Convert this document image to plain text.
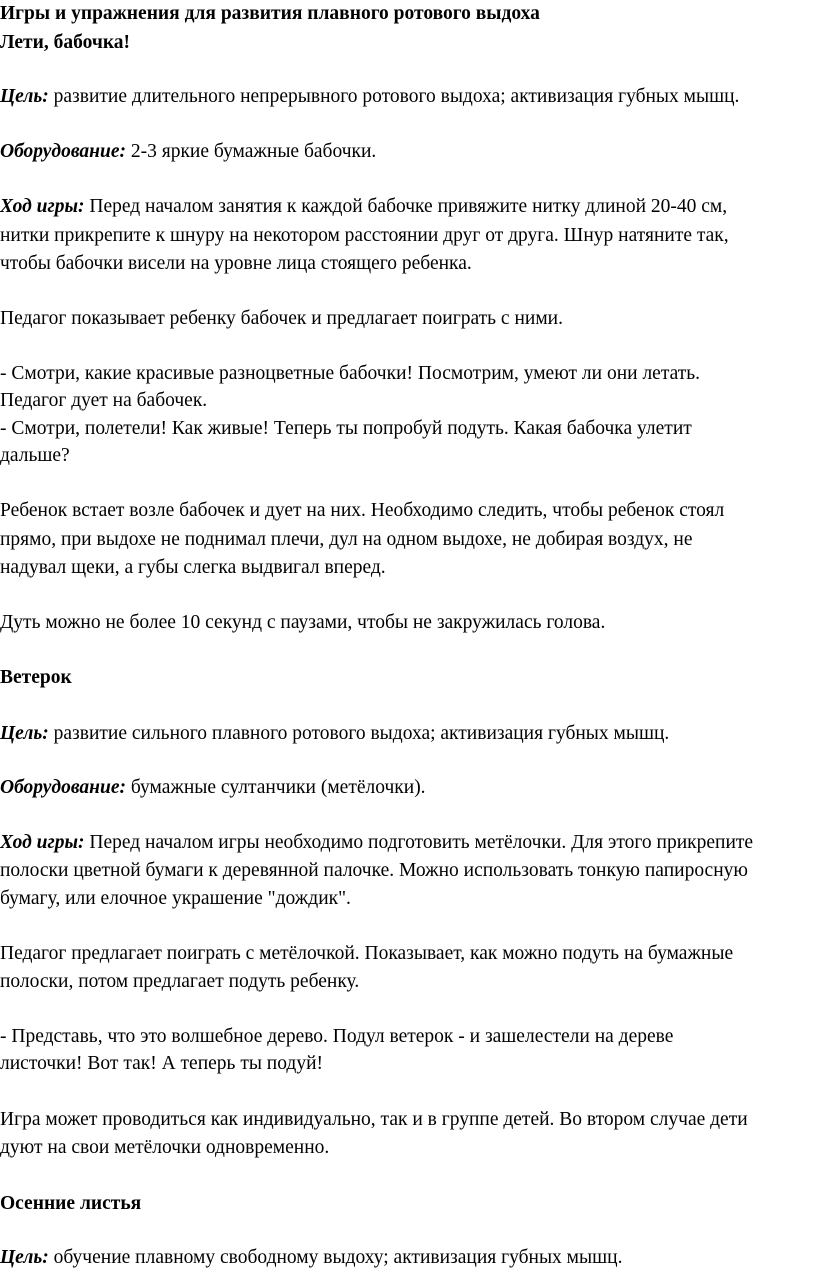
Игры и упражнения для развития плавного ротового выдоха
Лети, бабочка!
Цель: развитие длительного непрерывного ротового выдоха; активизация губных мышц.
Оборудование: 2-3 яркие бумажные бабочки.
Ход игры: Перед началом занятия к каждой бабочке привяжите нитку длиной 20-40 см,
нитки прикрепите к шнуру на некотором расстоянии друг от друга. Шнур натяните так,
чтобы бабочки висели на уровне лица стоящего ребенка.
Педагог показывает ребенку бабочек и предлагает поиграть с ними.
- Смотри, какие красивые разноцветные бабочки! Посмотрим, умеют ли они летать.
Педагог дует на бабочек.
- Смотри, полетели! Как живые! Теперь ты попробуй подуть. Какая бабочка улетит
дальше?
Ребенок встает возле бабочек и дует на них. Необходимо следить, чтобы ребенок стоял
прямо, при выдохе не поднимал плечи, дул на одном выдохе, не добирая воздух, не
надувал щеки, а губы слегка выдвигал вперед.
Дуть можно не более 10 секунд с паузами, чтобы не закружилась голова.
Ветерок
Цель: развитие сильного плавного ротового выдоха; активизация губных мышц.
Оборудование: бумажные султанчики (метёлочки).
Ход игры: Перед началом игры необходимо подготовить метёлочки. Для этого прикрепите
полоски цветной бумаги к деревянной палочке. Можно использовать тонкую папиросную
бумагу, или елочное украшение "дождик".
Педагог предлагает поиграть с метёлочкой. Показывает, как можно подуть на бумажные
полоски, потом предлагает подуть ребенку.
- Представь, что это волшебное дерево. Подул ветерок - и зашелестели на дереве
листочки! Вот так! А теперь ты подуй!
Игра может проводиться как индивидуально, так и в группе детей. Во втором случае дети
дуют на свои метёлочки одновременно.
Осенние листья
Цель: обучение плавному свободному выдоху; активизация губных мышц.
